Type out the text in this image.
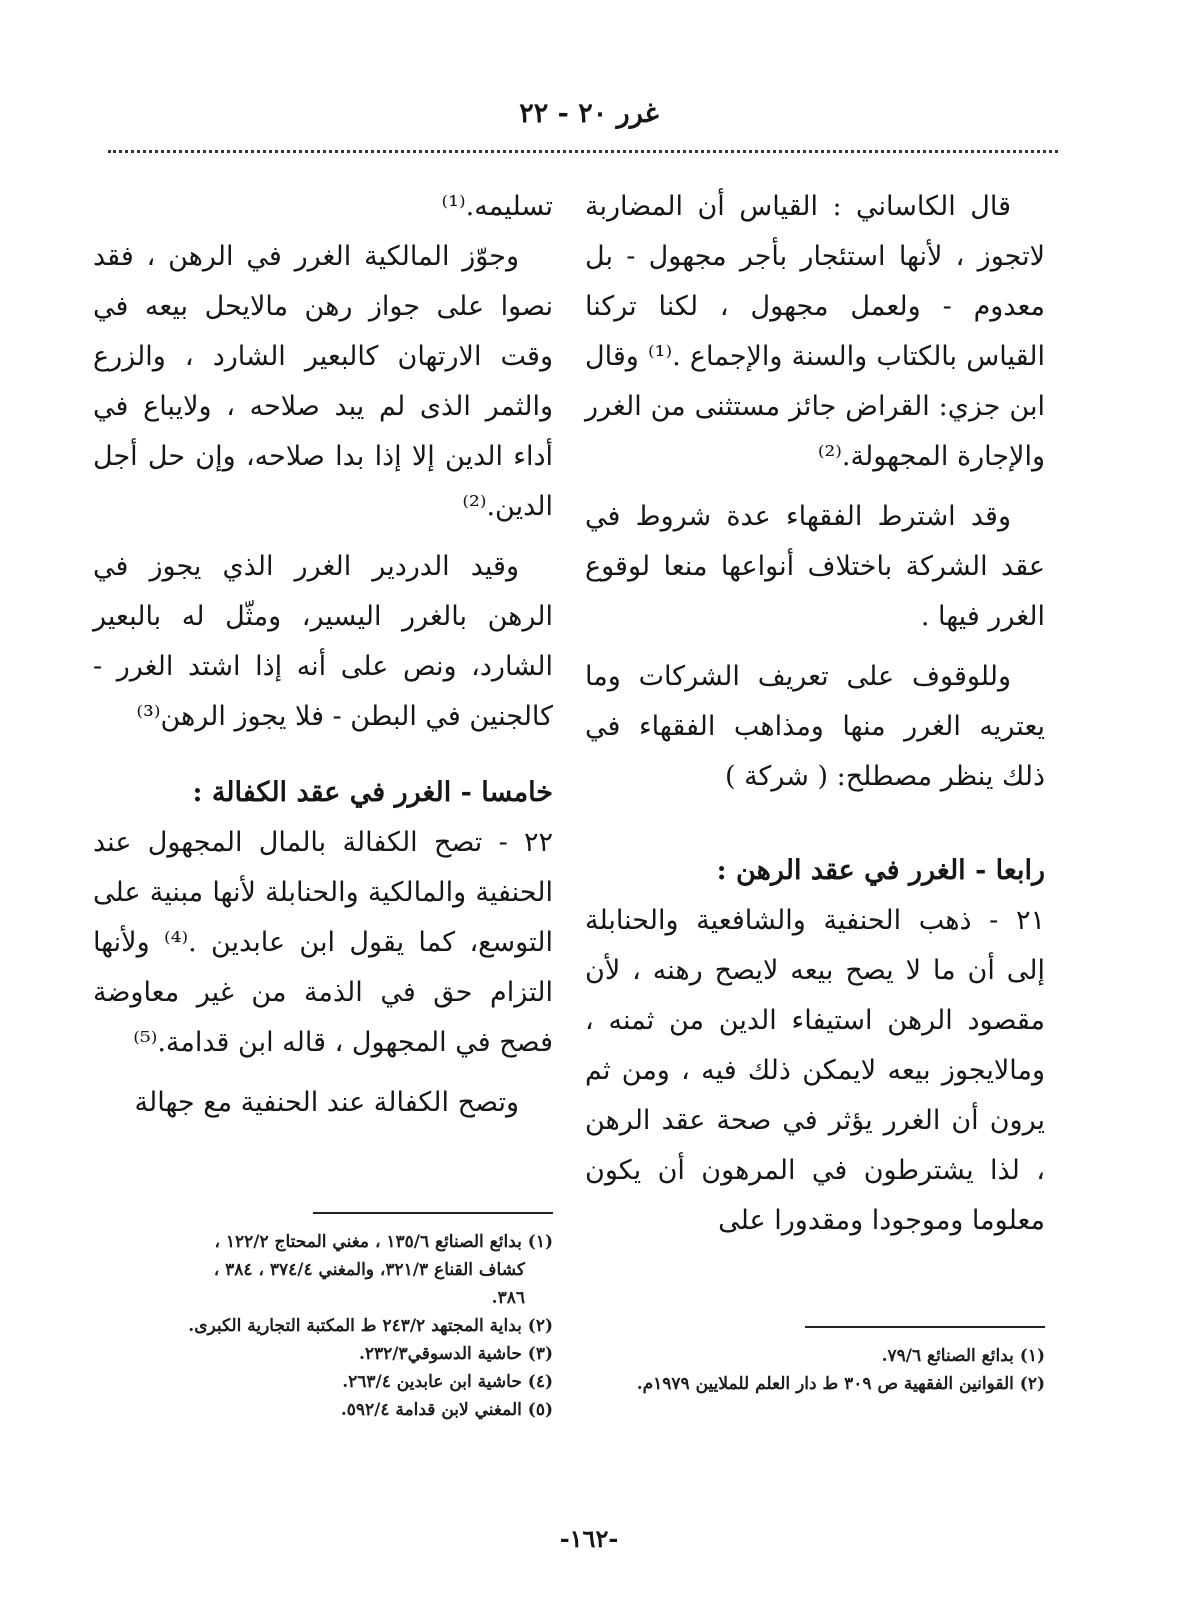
غرر ٢٠ - ٢٢

قال الكاساني : القياس أن المضاربة لاتجوز ، لأنها استئجار بأجر مجهول - بل معدوم - ولعمل مجهول ، لكنا تركنا القياس بالكتاب والسنة والإجماع .⁽¹⁾ وقال ابن جزي: القراض جائز مستثنى من الغرر والإجارة المجهولة.⁽²⁾

وقد اشترط الفقهاء عدة شروط في عقد الشركة باختلاف أنواعها منعا لوقوع الغرر فيها .

وللوقوف على تعريف الشركات وما يعتريه الغرر منها ومذاهب الفقهاء في ذلك ينظر مصطلح: ( شركة )

رابعا - الغرر في عقد الرهن :

٢١ - ذهب الحنفية والشافعية والحنابلة إلى أن ما لا يصح بيعه لايصح رهنه ، لأن مقصود الرهن استيفاء الدين من ثمنه ، ومالايجوز بيعه لايمكن ذلك فيه ، ومن ثم يرون أن الغرر يؤثر في صحة عقد الرهن ، لذا يشترطون في المرهون أن يكون معلوما وموجودا ومقدورا على

تسليمه.⁽¹⁾

وجوّز المالكية الغرر في الرهن ، فقد نصوا على جواز رهن مالايحل بيعه في وقت الارتهان كالبعير الشارد ، والزرع والثمر الذى لم يبد صلاحه ، ولايباع في أداء الدين إلا إذا بدا صلاحه، وإن حل أجل الدين.⁽²⁾

وقيد الدردير الغرر الذي يجوز في الرهن بالغرر اليسير، ومثّل له بالبعير الشارد، ونص على أنه إذا اشتد الغرر - كالجنين في البطن - فلا يجوز الرهن⁽³⁾

خامسا - الغرر في عقد الكفالة :

٢٢ - تصح الكفالة بالمال المجهول عند الحنفية والمالكية والحنابلة لأنها مبنية على التوسع، كما يقول ابن عابدين .⁽⁴⁾ ولأنها التزام حق في الذمة من غير معاوضة فصح في المجهول ، قاله ابن قدامة.⁽⁵⁾

وتصح الكفالة عند الحنفية مع جهالة

(١) بدائع الصنائع ١٣٥/٦ ، مغني المحتاج ١٢٢/٢ ،

كشاف القناع ٣٢١/٣، والمغني ٣٧٤/٤ ، ٣٨٤ ،

٣٨٦.

(٢) بداية المجتهد ٢٤٣/٢ ط المكتبة التجارية الكبرى.

(٣) حاشية الدسوقي٢٣٢/٣.

(٤) حاشية ابن عابدين ٢٦٣/٤.

(٥) المغني لابن قدامة ٥٩٢/٤.

(١) بدائع الصنائع ٧٩/٦.

(٢) القوانين الفقهية ص ٣٠٩ ط دار العلم للملايين ١٩٧٩م.

-١٦٢-
